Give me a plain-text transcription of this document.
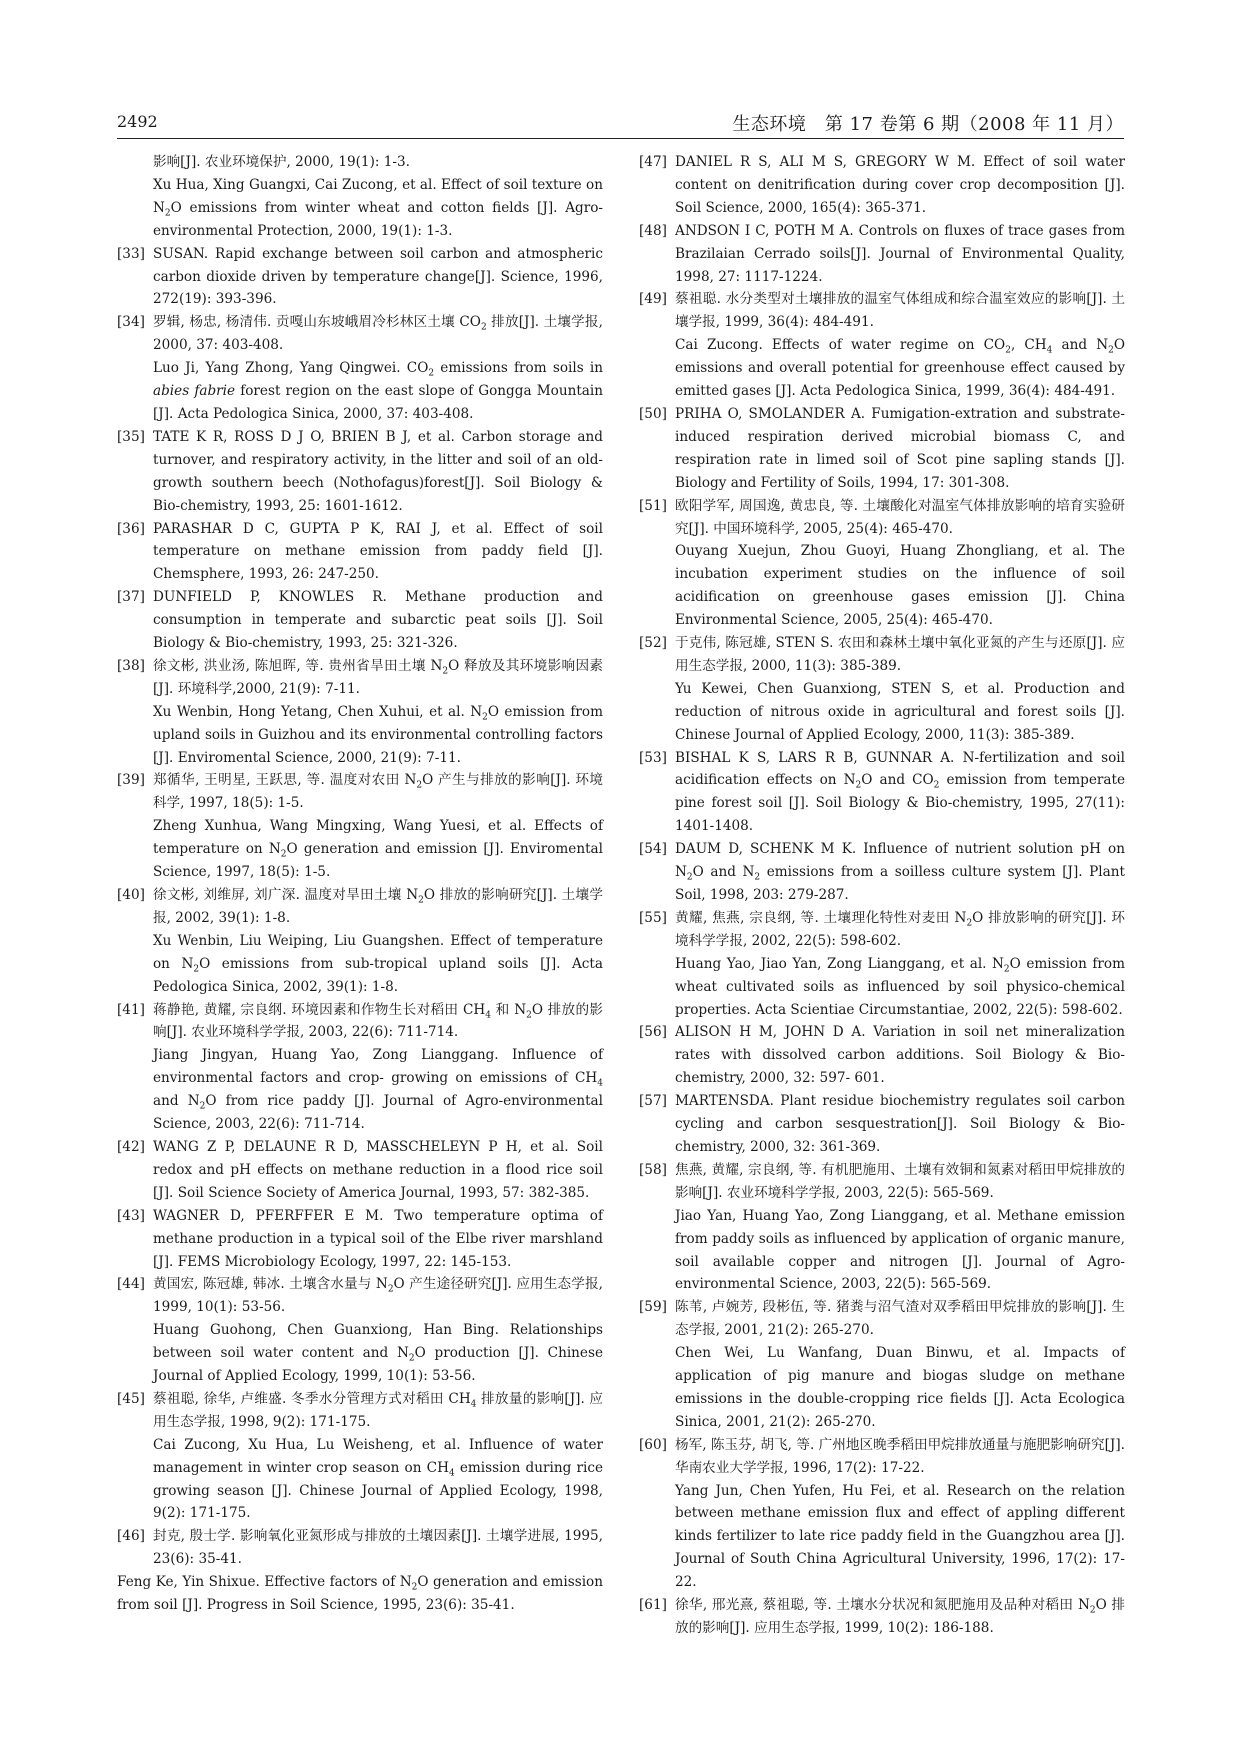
2492	生态环境　第 17 卷第 6 期（2008 年 11 月）

影响[J]. 农业环境保护, 2000, 19(1): 1-3.

Xu Hua, Xing Guangxi, Cai Zucong, et al. Effect of soil texture on $N_2O$ emissions from winter wheat and cotton fields [J]. Agro-environmental Protection, 2000, 19(1): 1-3.

[33] SUSAN. Rapid exchange between soil carbon and atmospheric carbon dioxide driven by temperature change[J]. Science, 1996, 272(19): 393-396.

[34] 罗辑, 杨忠, 杨清伟. 贡嘎山东坡峨眉冷杉林区土壤 $CO_2$ 排放[J]. 土壤学报, 2000, 37: 403-408.

Luo Ji, Yang Zhong, Yang Qingwei. $CO_2$ emissions from soils in abies fabrie forest region on the east slope of Gongga Mountain [J]. Acta Pedologica Sinica, 2000, 37: 403-408.

[35] TATE K R, ROSS D J O, BRIEN B J, et al. Carbon storage and turnover, and respiratory activity, in the litter and soil of an old-growth southern beech (Nothofagus)forest[J]. Soil Biology & Bio-chemistry, 1993, 25: 1601-1612.

[36] PARASHAR D C, GUPTA P K, RAI J, et al. Effect of soil temperature on methane emission from paddy field [J]. Chemsphere, 1993, 26: 247-250.

[37] DUNFIELD P, KNOWLES R. Methane production and consumption in temperate and subarctic peat soils [J]. Soil Biology & Bio-chemistry, 1993, 25: 321-326.

[38] 徐文彬, 洪业汤, 陈旭晖, 等. 贵州省旱田土壤 $N_2O$ 释放及其环境影响因素[J]. 环境科学,2000, 21(9): 7-11.

Xu Wenbin, Hong Yetang, Chen Xuhui, et al. $N_2O$ emission from upland soils in Guizhou and its environmental controlling factors [J]. Enviromental Science, 2000, 21(9): 7-11.

[39] 郑循华, 王明星, 王跃思, 等. 温度对农田 $N_2O$ 产生与排放的影响[J]. 环境科学, 1997, 18(5): 1-5.

Zheng Xunhua, Wang Mingxing, Wang Yuesi, et al. Effects of temperature on $N_2O$ generation and emission [J]. Enviromental Science, 1997, 18(5): 1-5.

[40] 徐文彬, 刘维屏, 刘广深. 温度对旱田土壤 $N_2O$ 排放的影响研究[J]. 土壤学报, 2002, 39(1): 1-8.

Xu Wenbin, Liu Weiping, Liu Guangshen. Effect of temperature on $N_2O$ emissions from sub-tropical upland soils [J]. Acta Pedologica Sinica, 2002, 39(1): 1-8.

[41] 蒋静艳, 黄耀, 宗良纲. 环境因素和作物生长对稻田 $CH_4$ 和 $N_2O$ 排放的影响[J]. 农业环境科学学报, 2003, 22(6): 711-714.

Jiang Jingyan, Huang Yao, Zong Lianggang. Influence of environmental factors and crop- growing on emissions of $CH_4$ and $N_2O$ from rice paddy [J]. Journal of Agro-environmental Science, 2003, 22(6): 711-714.

[42] WANG Z P, DELAUNE R D, MASSCHELEYN P H, et al. Soil redox and pH effects on methane reduction in a flood rice soil [J]. Soil Science Society of America Journal, 1993, 57: 382-385.

[43] WAGNER D, PFERFFER E M. Two temperature optima of methane production in a typical soil of the Elbe river marshland [J]. FEMS Microbiology Ecology, 1997, 22: 145-153.

[44] 黄国宏, 陈冠雄, 韩冰. 土壤含水量与 $N_2O$ 产生途径研究[J]. 应用生态学报, 1999, 10(1): 53-56.

Huang Guohong, Chen Guanxiong, Han Bing. Relationships between soil water content and $N_2O$ production [J]. Chinese Journal of Applied Ecology, 1999, 10(1): 53-56.

[45] 蔡祖聪, 徐华, 卢维盛. 冬季水分管理方式对稻田 $CH_4$ 排放量的影响[J]. 应用生态学报, 1998, 9(2): 171-175.

Cai Zucong, Xu Hua, Lu Weisheng, et al. Influence of water management in winter crop season on $CH_4$ emission during rice growing season [J]. Chinese Journal of Applied Ecology, 1998, 9(2): 171-175.

[46] 封克, 殷士学. 影响氧化亚氮形成与排放的土壤因素[J]. 土壤学进展, 1995, 23(6): 35-41.

Feng Ke, Yin Shixue. Effective factors of $N_2O$ generation and emission from soil [J]. Progress in Soil Science, 1995, 23(6): 35-41.

[47] DANIEL R S, ALI M S, GREGORY W M. Effect of soil water content on denitrification during cover crop decomposition [J]. Soil Science, 2000, 165(4): 365-371.

[48] ANDSON I C, POTH M A. Controls on fluxes of trace gases from Brazilaian Cerrado soils[J]. Journal of Environmental Quality, 1998, 27: 1117-1224.

[49] 蔡祖聪. 水分类型对土壤排放的温室气体组成和综合温室效应的影响[J]. 土壤学报, 1999, 36(4): 484-491.

Cai Zucong. Effects of water regime on $CO_2$, $CH_4$ and $N_2O$ emissions and overall potential for greenhouse effect caused by emitted gases [J]. Acta Pedologica Sinica, 1999, 36(4): 484-491.

[50] PRIHA O, SMOLANDER A. Fumigation-extration and substrate-induced respiration derived microbial biomass C, and respiration rate in limed soil of Scot pine sapling stands [J]. Biology and Fertility of Soils, 1994, 17: 301-308.

[51] 欧阳学军, 周国逸, 黄忠良, 等. 土壤酸化对温室气体排放影响的培育实验研究[J]. 中国环境科学, 2005, 25(4): 465-470.

Ouyang Xuejun, Zhou Guoyi, Huang Zhongliang, et al. The incubation experiment studies on the influence of soil acidification on greenhouse gases emission [J]. China Environmental Science, 2005, 25(4): 465-470.

[52] 于克伟, 陈冠雄, STEN S. 农田和森林土壤中氧化亚氮的产生与还原[J]. 应用生态学报, 2000, 11(3): 385-389.

Yu Kewei, Chen Guanxiong, STEN S, et al. Production and reduction of nitrous oxide in agricultural and forest soils [J]. Chinese Journal of Applied Ecology, 2000, 11(3): 385-389.

[53] BISHAL K S, LARS R B, GUNNAR A. N-fertilization and soil acidification effects on $N_2O$ and $CO_2$ emission from temperate pine forest soil [J]. Soil Biology & Bio-chemistry, 1995, 27(11): 1401-1408.

[54] DAUM D, SCHENK M K. Influence of nutrient solution pH on $N_2O$ and $N_2$ emissions from a soilless culture system [J]. Plant Soil, 1998, 203: 279-287.

[55] 黄耀, 焦燕, 宗良纲, 等. 土壤理化特性对麦田 $N_2O$ 排放影响的研究[J]. 环境科学学报, 2002, 22(5): 598-602.

Huang Yao, Jiao Yan, Zong Lianggang, et al. $N_2O$ emission from wheat cultivated soils as influenced by soil physico-chemical properties. Acta Scientiae Circumstantiae, 2002, 22(5): 598-602.

[56] ALISON H M, JOHN D A. Variation in soil net mineralization rates with dissolved carbon additions. Soil Biology & Bio-chemistry, 2000, 32: 597- 601.

[57] MARTENSDA. Plant residue biochemistry regulates soil carbon cycling and carbon sesquestration[J]. Soil Biology & Bio-chemistry, 2000, 32: 361-369.

[58] 焦燕, 黄耀, 宗良纲, 等. 有机肥施用、土壤有效铜和氮素对稻田甲烷排放的影响[J]. 农业环境科学学报, 2003, 22(5): 565-569.

Jiao Yan, Huang Yao, Zong Lianggang, et al. Methane emission from paddy soils as influenced by application of organic manure, soil available copper and nitrogen [J]. Journal of Agro-environmental Science, 2003, 22(5): 565-569.

[59] 陈苇, 卢婉芳, 段彬伍, 等. 猪粪与沼气渣对双季稻田甲烷排放的影响[J]. 生态学报, 2001, 21(2): 265-270.

Chen Wei, Lu Wanfang, Duan Binwu, et al. Impacts of application of pig manure and biogas sludge on methane emissions in the double-cropping rice fields [J]. Acta Ecologica Sinica, 2001, 21(2): 265-270.

[60] 杨军, 陈玉芬, 胡飞, 等. 广州地区晚季稻田甲烷排放通量与施肥影响研究[J]. 华南农业大学学报, 1996, 17(2): 17-22.

Yang Jun, Chen Yufen, Hu Fei, et al. Research on the relation between methane emission flux and effect of appling different kinds fertilizer to late rice paddy field in the Guangzhou area [J]. Journal of South China Agricultural University, 1996, 17(2): 17-22.

[61] 徐华, 邢光熹, 蔡祖聪, 等. 土壤水分状况和氮肥施用及品种对稻田 $N_2O$ 排放的影响[J]. 应用生态学报, 1999, 10(2): 186-188.
